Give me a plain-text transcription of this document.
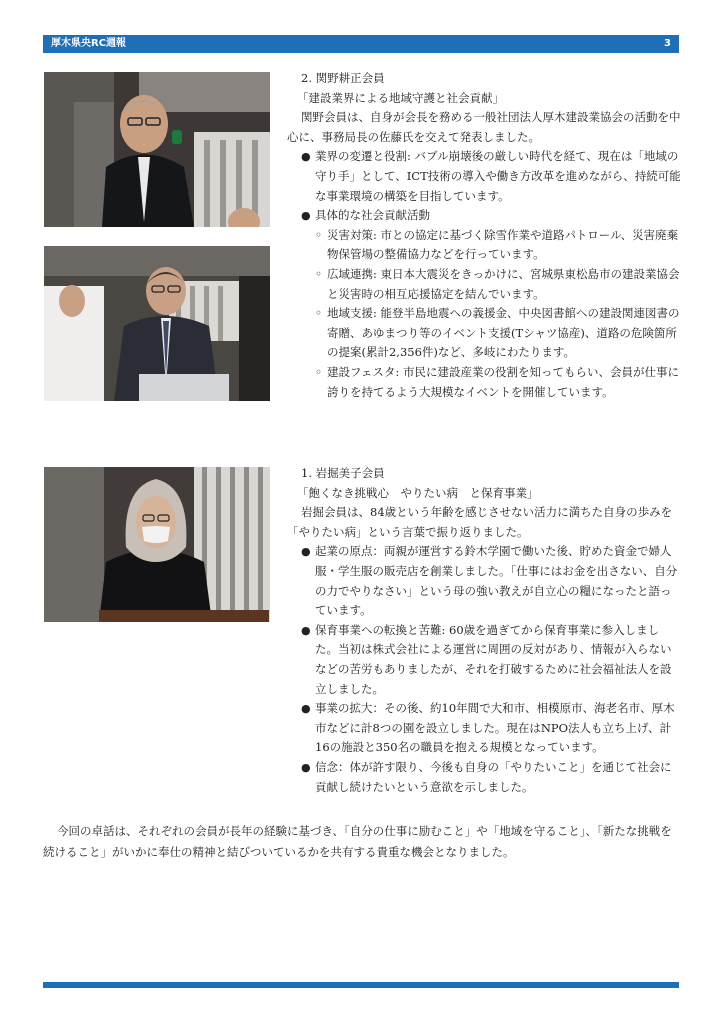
厚木県央RC週報	3
2. 関野耕正会員
「建設業界による地域守護と社会貢献」

関野会員は、自身が会長を務める一般社団法人厚木建設業協会の活動を中心に、事務局長の佐藤氏を交えて発表しました。

● 業界の変遷と役割: バブル崩壊後の厳しい時代を経て、現在は「地域の守り手」として、ICT技術の導入や働き方改革を進めながら、持続可能な事業環境の構築を目指しています。
● 具体的な社会貢献活動
◦ 災害対策: 市との協定に基づく除雪作業や道路パトロール、災害廃棄物保管場の整備協力などを行っています。
◦ 広域連携: 東日本大震災をきっかけに、宮城県東松島市の建設業協会と災害時の相互応援協定を結んでいます。
◦ 地域支援: 能登半島地震への義援金、中央図書館への建設関連図書の寄贈、あゆまつり等のイベント支援(Tシャツ協産)、道路の危険箇所の提案(累計2,356件)など、多岐にわたります。
◦ 建設フェスタ: 市民に建設産業の役割を知ってもらい、会員が仕事に誇りを持てるよう大規模なイベントを開催しています。
1. 岩掘美子会員
「飽くなき挑戦心　やりたい病　と保育事業」

岩掘会員は、84歳という年齢を感じさせない活力に満ちた自身の歩みを「やりたい病」という言葉で振り返りました。

● 起業の原点：両親が運営する鈴木学園で働いた後、貯めた資金で婦人服・学生服の販売店を創業しました。「仕事にはお金を出さない、自分の力でやりなさい」という母の強い教えが自立心の糧になったと語っています。
● 保育事業への転換と苦難: 60歳を過ぎてから保育事業に参入しました。当初は株式会社による運営に周囲の反対があり、情報が入らないなどの苦労もありましたが、それを打破するために社会福祉法人を設立しました。
● 事業の拡大：その後、約10年間で大和市、相模原市、海老名市、厚木市などに計8つの園を設立しました。現在はNPO法人も立ち上げ、計16の施設と350名の職員を抱える規模となっています。
● 信念：体が許す限り、今後も自身の「やりたいこと」を通じて社会に貢献し続けたいという意欲を示しました。

今回の卓話は、それぞれの会員が長年の経験に基づき、「自分の仕事に励むこと」や「地域を守ること」、「新たな挑戦を続けること」がいかに奉仕の精神と結びついているかを共有する貴重な機会となりました。
